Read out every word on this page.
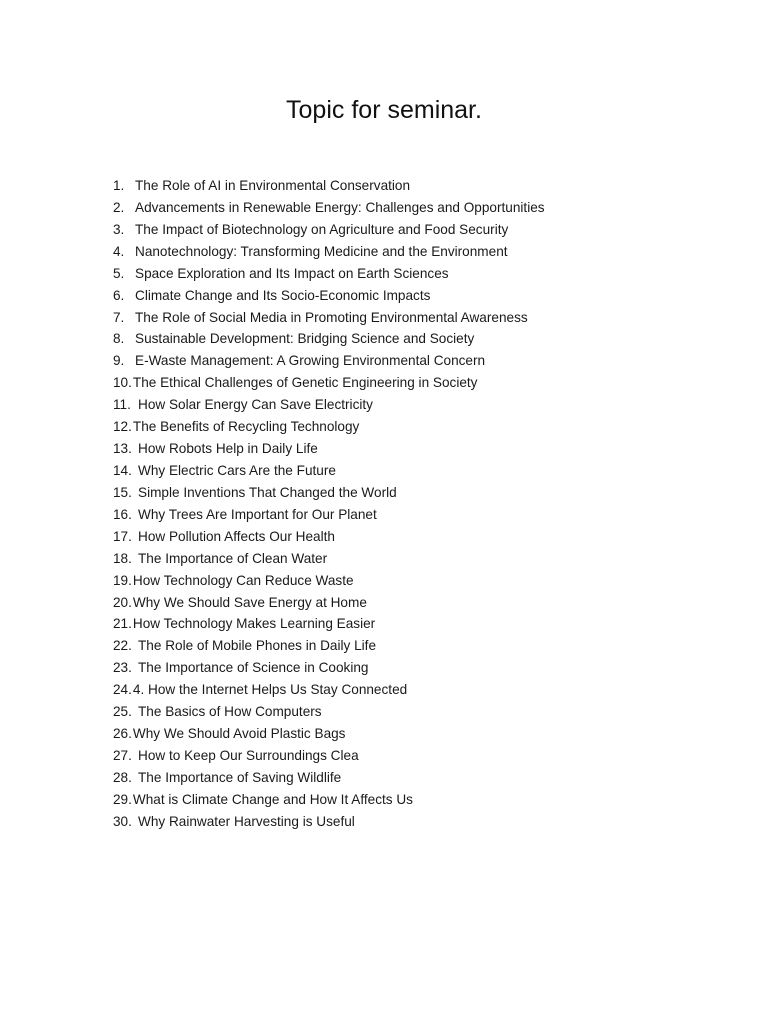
Topic for seminar.
1. The Role of AI in Environmental Conservation
2. Advancements in Renewable Energy: Challenges and Opportunities
3. The Impact of Biotechnology on Agriculture and Food Security
4. Nanotechnology: Transforming Medicine and the Environment
5. Space Exploration and Its Impact on Earth Sciences
6. Climate Change and Its Socio-Economic Impacts
7. The Role of Social Media in Promoting Environmental Awareness
8. Sustainable Development: Bridging Science and Society
9. E-Waste Management: A Growing Environmental Concern
10.The Ethical Challenges of Genetic Engineering in Society
11. How Solar Energy Can Save Electricity
12.The Benefits of Recycling Technology
13. How Robots Help in Daily Life
14. Why Electric Cars Are the Future
15. Simple Inventions That Changed the World
16. Why Trees Are Important for Our Planet
17. How Pollution Affects Our Health
18. The Importance of Clean Water
19.How Technology Can Reduce Waste
20.Why We Should Save Energy at Home
21.How Technology Makes Learning Easier
22. The Role of Mobile Phones in Daily Life
23. The Importance of Science in Cooking
24.4. How the Internet Helps Us Stay Connected
25. The Basics of How Computers
26.Why We Should Avoid Plastic Bags
27. How to Keep Our Surroundings Clea
28. The Importance of Saving Wildlife
29.What is Climate Change and How It Affects Us
30. Why Rainwater Harvesting is Useful
